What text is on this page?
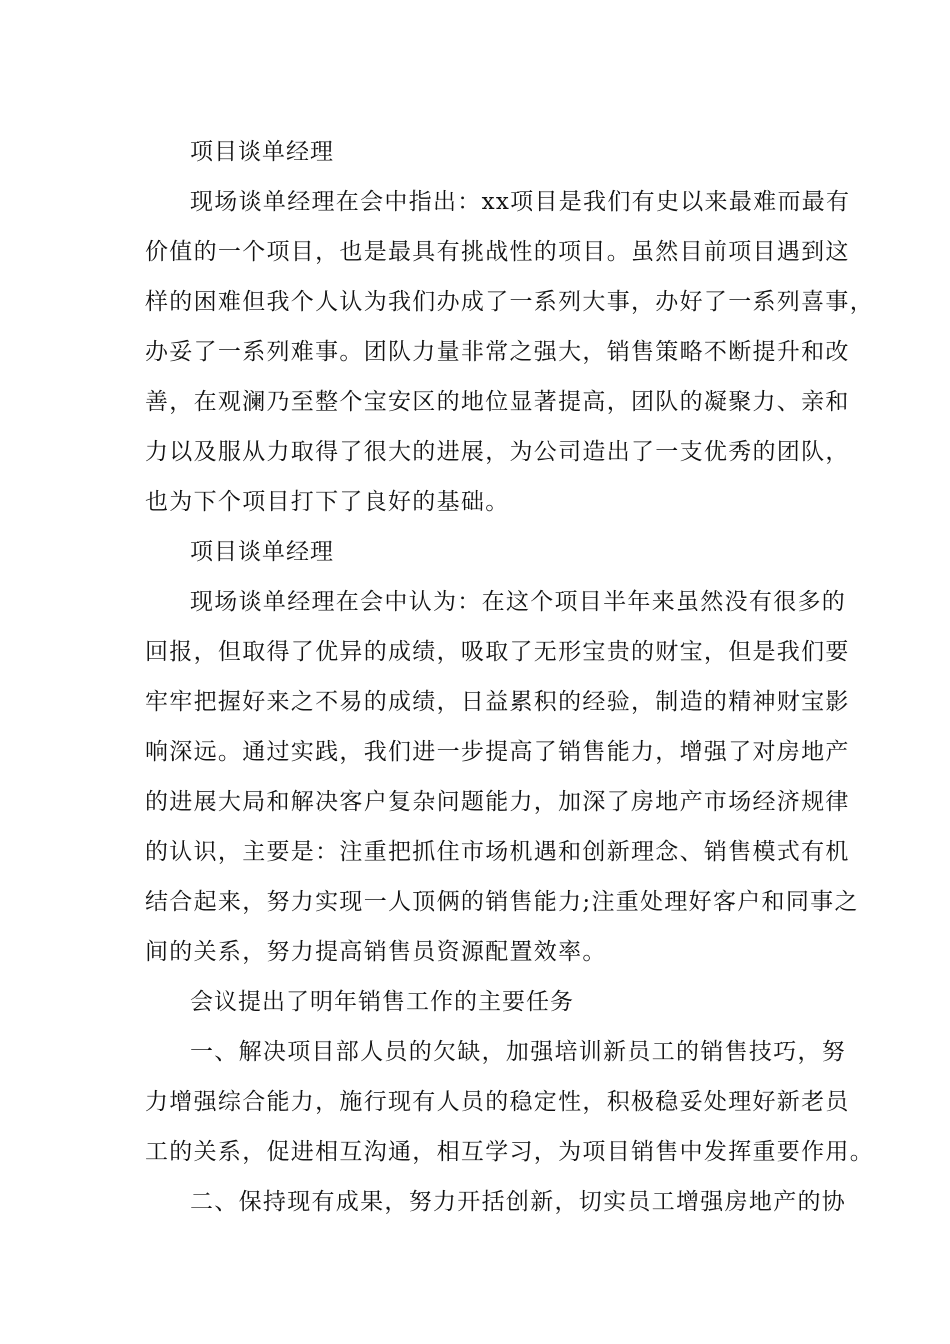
项目谈单经理
现场谈单经理在会中指出：xx项目是我们有史以来最难而最有
价值的一个项目，也是最具有挑战性的项目。虽然目前项目遇到这
样的困难但我个人认为我们办成了一系列大事，办好了一系列喜事，
办妥了一系列难事。团队力量非常之强大，销售策略不断提升和改
善，在观澜乃至整个宝安区的地位显著提高，团队的凝聚力、亲和
力以及服从力取得了很大的进展，为公司造出了一支优秀的团队，
也为下个项目打下了良好的基础。
项目谈单经理
现场谈单经理在会中认为：在这个项目半年来虽然没有很多的
回报，但取得了优异的成绩，吸取了无形宝贵的财宝，但是我们要
牢牢把握好来之不易的成绩，日益累积的经验，制造的精神财宝影
响深远。通过实践，我们进一步提高了销售能力，增强了对房地产
的进展大局和解决客户复杂问题能力，加深了房地产市场经济规律
的认识，主要是：注重把抓住市场机遇和创新理念、销售模式有机
结合起来，努力实现一人顶俩的销售能力;注重处理好客户和同事之
间的关系，努力提高销售员资源配置效率。
会议提出了明年销售工作的主要任务
一、解决项目部人员的欠缺，加强培训新员工的销售技巧，努
力增强综合能力，施行现有人员的稳定性，积极稳妥处理好新老员
工的关系，促进相互沟通，相互学习，为项目销售中发挥重要作用。
二、保持现有成果，努力开括创新，切实员工增强房地产的协
